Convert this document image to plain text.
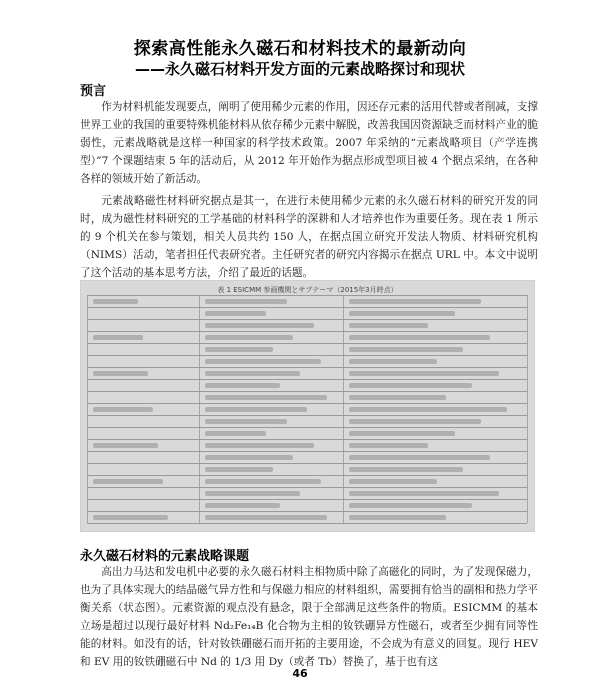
探索高性能永久磁石和材料技术的最新动向
——永久磁石材料开发方面的元素战略探讨和现状
预言

作为材料机能发现要点，阐明了使用稀少元素的作用，因还存元素的活用代替或者削减，支撑世界工业的我国的重要特殊机能材料从依存稀少元素中解脱，改善我国因资源缺乏而材料产业的脆弱性，元素战略就是这样一种国家的科学技术政策。2007 年采纳的“元素战略项目（产学连携型）”7 个课题结束 5 年的活动后，从 2012 年开始作为据点形成型项目被 4 个据点采纳，在各种各样的领域开始了新活动。

元素战略磁性材料研究据点是其一，在进行未使用稀少元素的永久磁石材料的研究开发的同时，成为磁性材料研究的工学基础的材料科学的深耕和人才培养也作为重要任务。现在表 1 所示的 9 个机关在参与策划，相关人员共约 150 人，在据点国立研究开发法人物质、材料研究机构（NIMS）活动，笔者担任代表研究者。主任研究者的研究内容揭示在据点 URL 中。本文中说明了这个活动的基本思考方法，介绍了最近的话题。

表 1 ESICMM 参画機関とサブテーマ（2015年3月時点）
永久磁石材料的元素战略课题

高出力马达和发电机中必要的永久磁石材料主相物质中除了高磁化的同时，为了发现保磁力，也为了具体实现大的结晶磁气异方性和与保磁力相应的材料组织，需要拥有恰当的副相和热力学平衡关系（状态图）。元素资源的观点没有悬念，限于全部满足这些条件的物质。ESICMM 的基本立场是超过以现行最好材料 Nd₂Fe₁₄B 化合物为主相的钕铁硼异方性磁石，或者至少拥有同等性能的材料。如没有的话，针对钕铁硼磁石而开拓的主要用途，不会成为有意义的回复。现行 HEV 和 EV 用的钕铁硼磁石中 Nd 的 1/3 用 Dy（或者 Tb）替换了，基于也有这

46
